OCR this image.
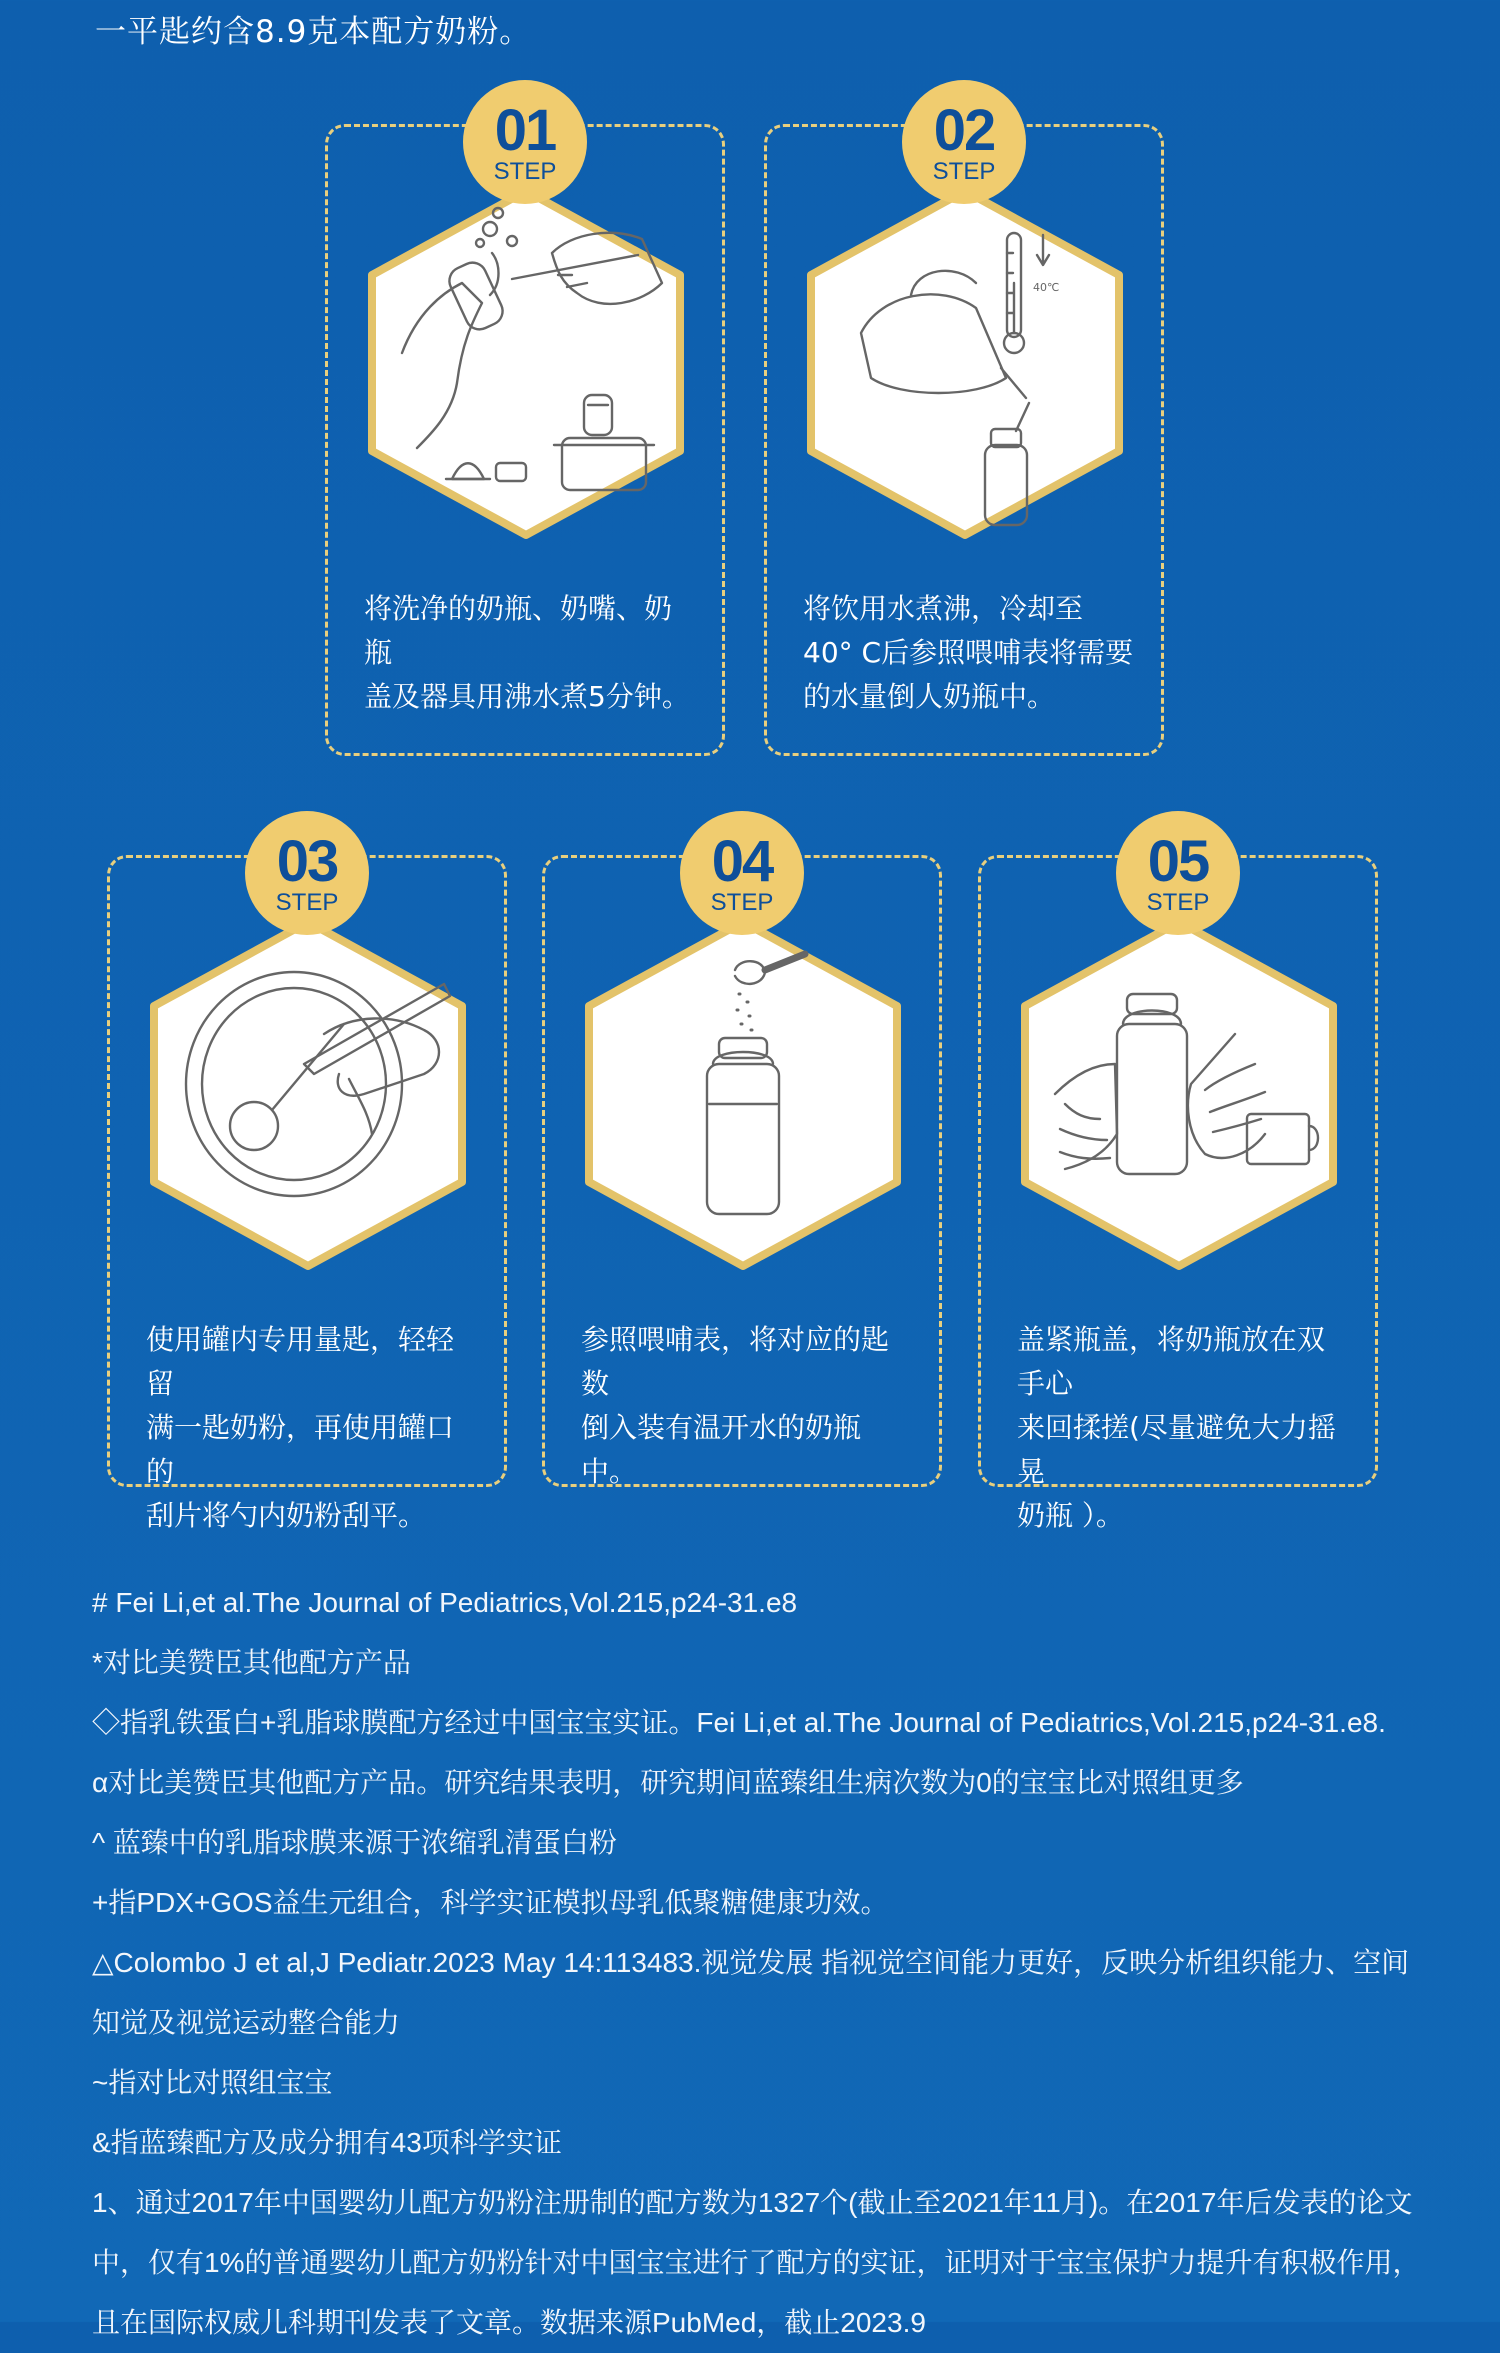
一平匙约含8.9克本配方奶粉。
01
STEP
将洗净的奶瓶、奶嘴、奶瓶
盖及器具用沸水煮5分钟。
02
STEP
40℃
将饮用水煮沸，冷却至
40° C后参照喂哺表将需要
的水量倒人奶瓶中。
03
STEP
使用罐内专用量匙，轻轻留
满一匙奶粉，再使用罐口的
刮片将勺内奶粉刮平。
04
STEP
参照喂哺表，将对应的匙数
倒入装有温开水的奶瓶中。
05
STEP
盖紧瓶盖，将奶瓶放在双手心
来回揉搓(尽量避免大力摇晃
奶瓶 ）。
# Fei Li,et al.The Journal of Pediatrics,Vol.215,p24-31.e8
*对比美赞臣其他配方产品
◇指乳铁蛋白+乳脂球膜配方经过中国宝宝实证。Fei Li,et al.The Journal of Pediatrics,Vol.215,p24-31.e8.
α对比美赞臣其他配方产品。研究结果表明，研究期间蓝臻组生病次数为0的宝宝比对照组更多
^ 蓝臻中的乳脂球膜来源于浓缩乳清蛋白粉
+指PDX+GOS益生元组合，科学实证模拟母乳低聚糖健康功效。
△Colombo J et al,J Pediatr.2023 May 14:113483.视觉发展 指视觉空间能力更好，反映分析组织能力、空间知觉及视觉运动整合能力
~指对比对照组宝宝
&指蓝臻配方及成分拥有43项科学实证
1、通过2017年中国婴幼儿配方奶粉注册制的配方数为1327个(截止至2021年11月)。在2017年后发表的论文中，仅有1%的普通婴幼儿配方奶粉针对中国宝宝进行了配方的实证，证明对于宝宝保护力提升有积极作用，且在国际权威儿科期刊发表了文章。数据来源PubMed，截止2023.9
